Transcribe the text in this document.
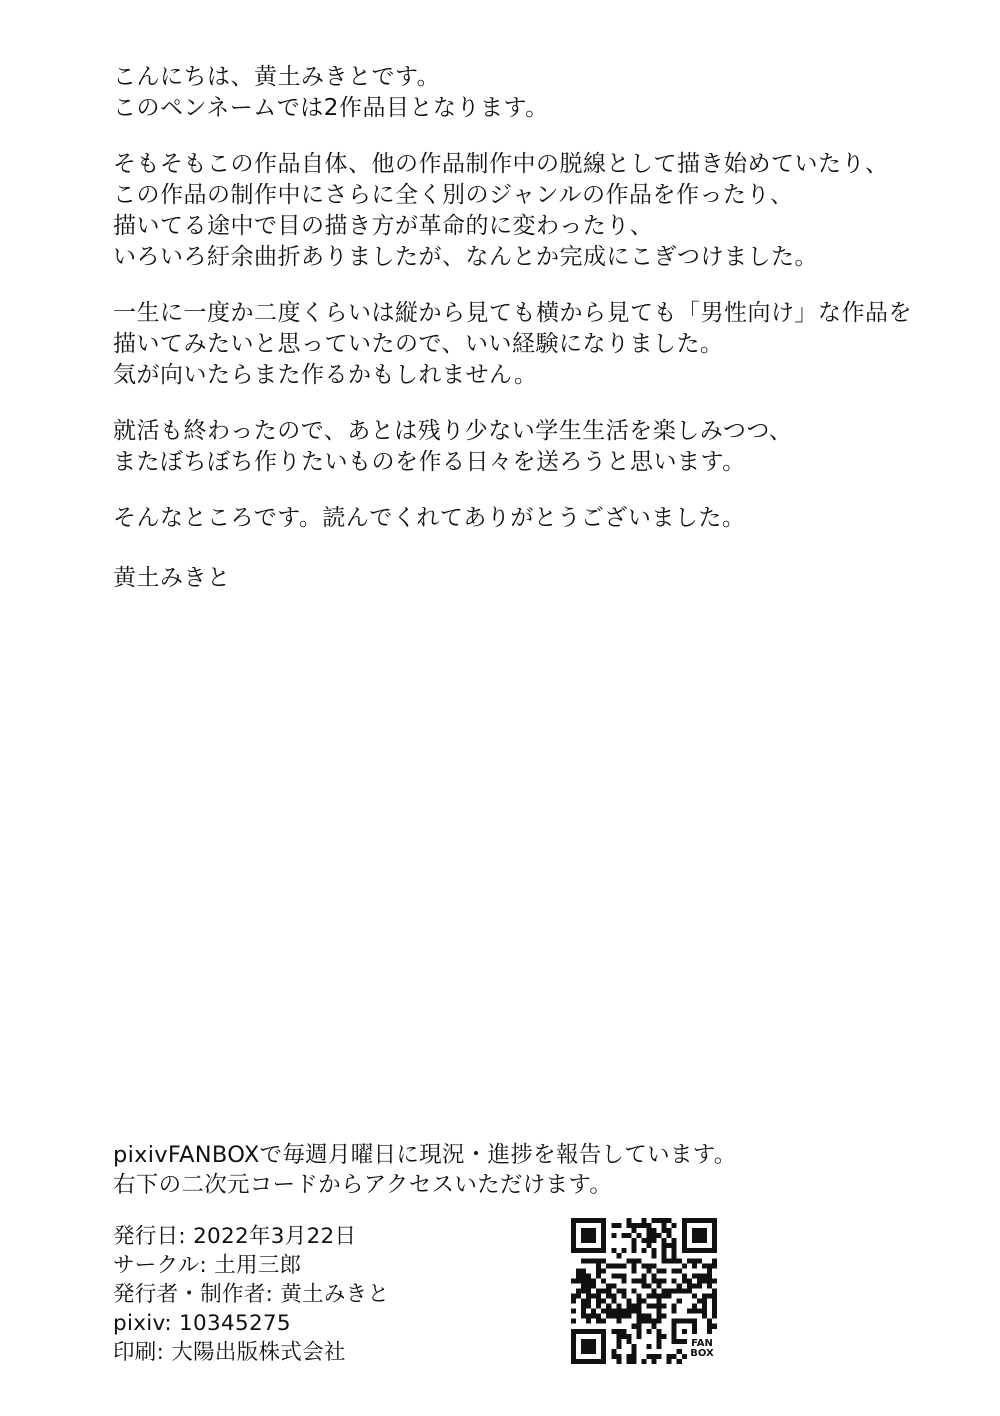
こんにちは、黄土みきとです。
このペンネームでは2作品目となります。
そもそもこの作品自体、他の作品制作中の脱線として描き始めていたり、
この作品の制作中にさらに全く別のジャンルの作品を作ったり、
描いてる途中で目の描き方が革命的に変わったり、
いろいろ紆余曲折ありましたが、なんとか完成にこぎつけました。
一生に一度か二度くらいは縦から見ても横から見ても「男性向け」な作品を
描いてみたいと思っていたので、いい経験になりました。
気が向いたらまた作るかもしれません。
就活も終わったので、あとは残り少ない学生生活を楽しみつつ、
またぼちぼち作りたいものを作る日々を送ろうと思います。
そんなところです。読んでくれてありがとうございました。
黄土みきと
pixivFANBOXで毎週月曜日に現況・進捗を報告しています。
右下の二次元コードからアクセスいただけます。
発行日: 2022年3月22日
サークル: 土用三郎
発行者・制作者: 黄土みきと
pixiv: 10345275
印刷: 大陽出版株式会社	FAN
BOX
